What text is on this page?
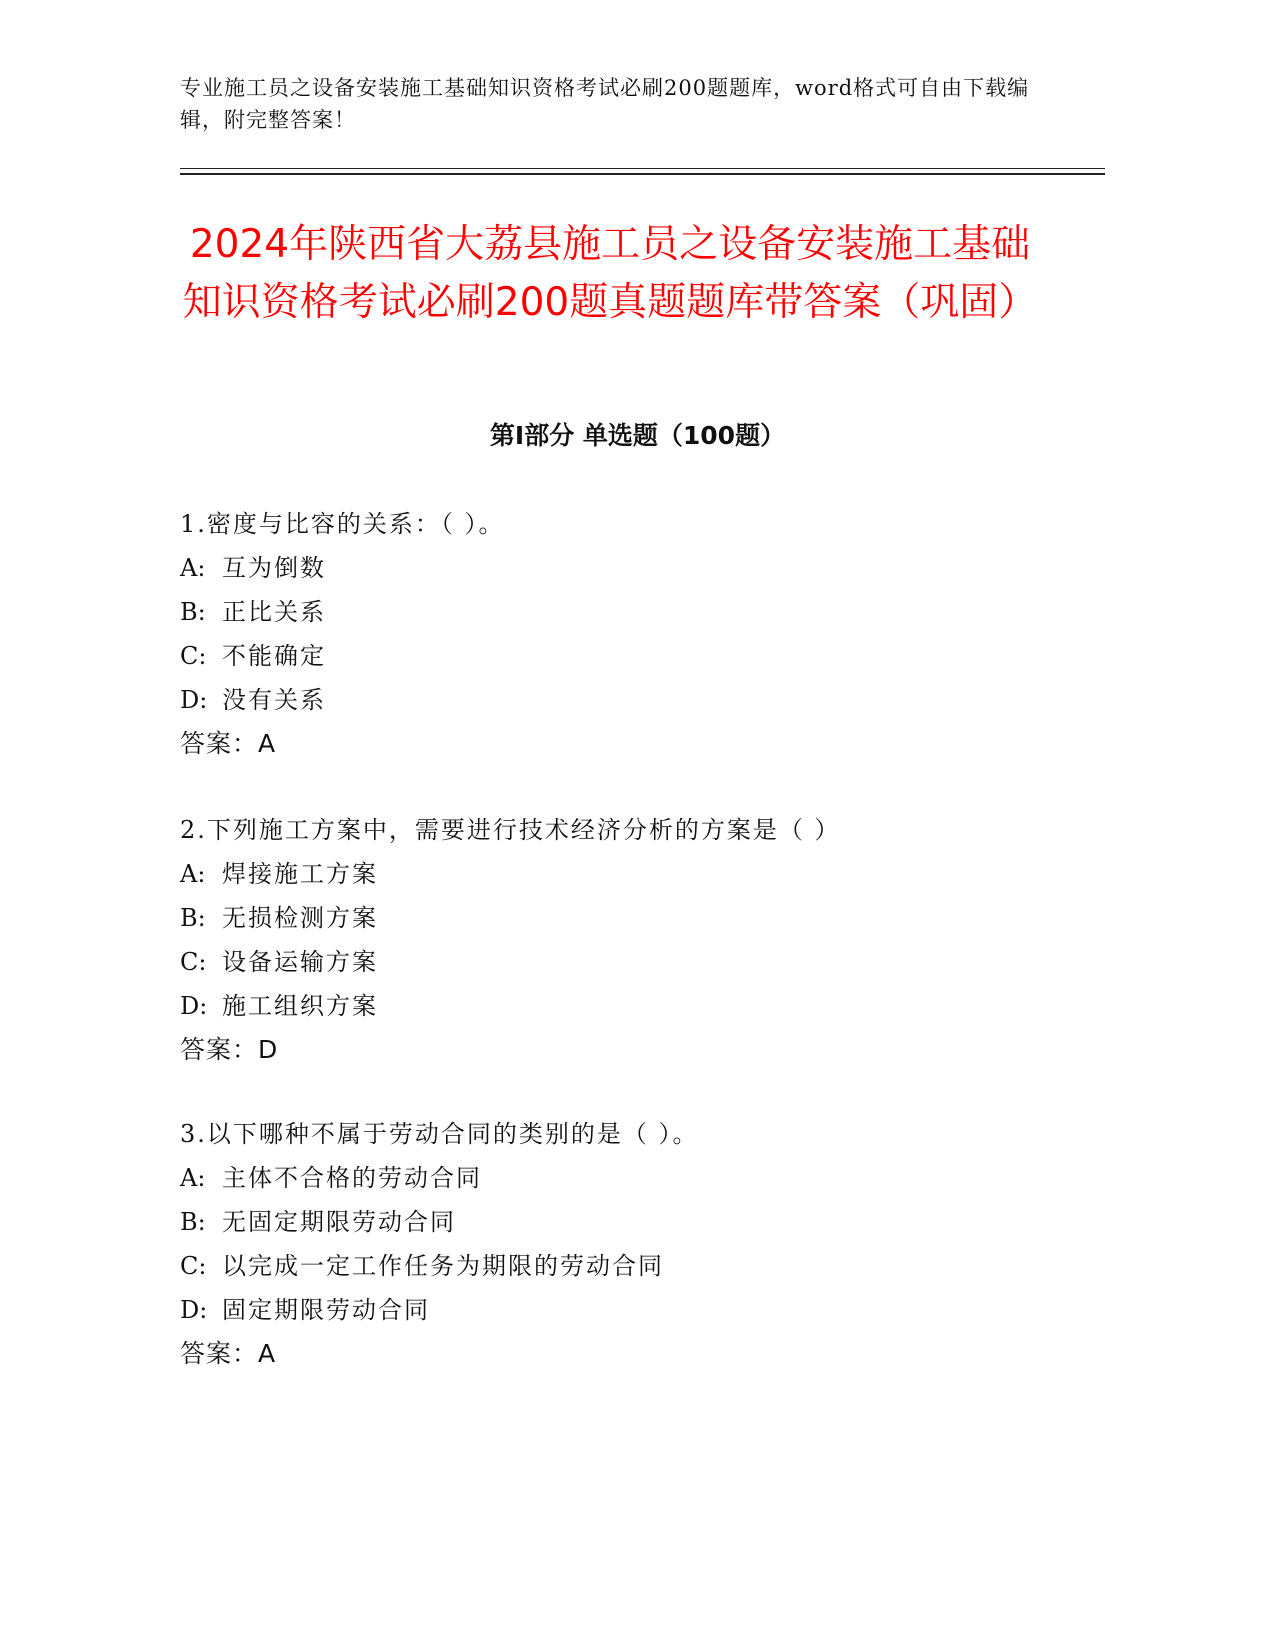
专业施工员之设备安装施工基础知识资格考试必刷200题题库，word格式可自由下载编辑，附完整答案！

2024年陕西省大荔县施工员之设备安装施工基础知识资格考试必刷200题真题题库带答案（巩固）
第I部分 单选题（100题）
1.密度与比容的关系：（ ）。
A: 互为倒数
B: 正比关系
C: 不能确定
D: 没有关系
答案：A
2.下列施工方案中，需要进行技术经济分析的方案是（ ）
A: 焊接施工方案
B: 无损检测方案
C: 设备运输方案
D: 施工组织方案
答案：D
3.以下哪种不属于劳动合同的类别的是（ ）。
A: 主体不合格的劳动合同
B: 无固定期限劳动合同
C: 以完成一定工作任务为期限的劳动合同
D: 固定期限劳动合同
答案：A
